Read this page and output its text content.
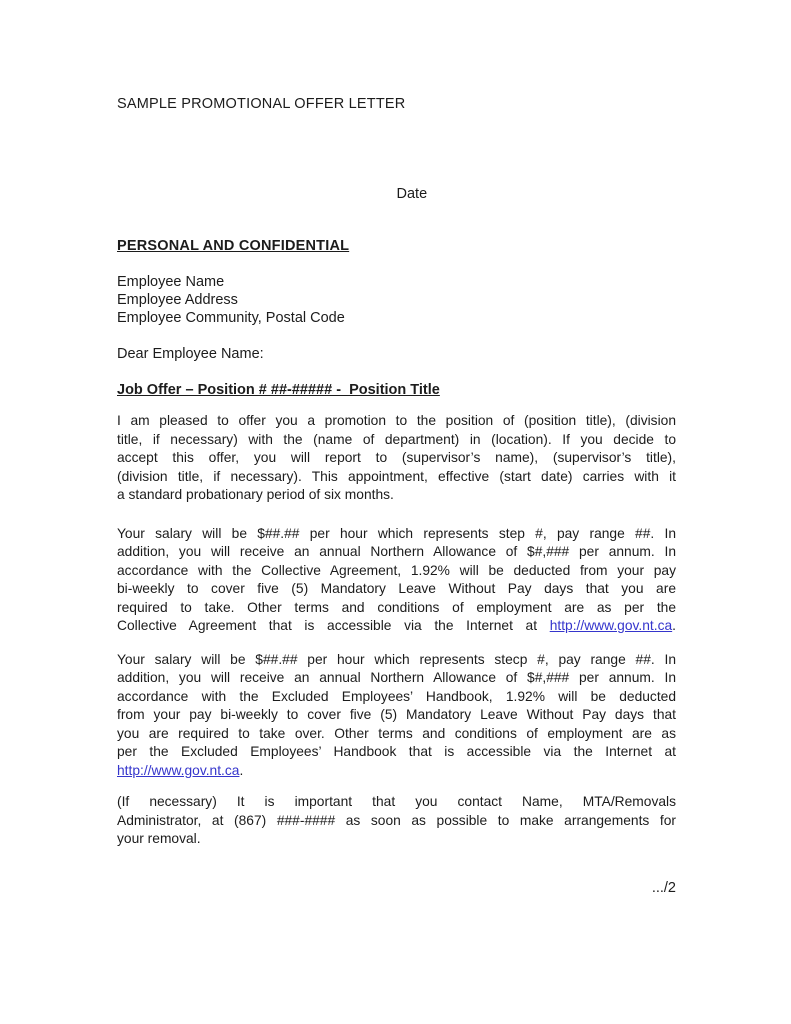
SAMPLE PROMOTIONAL OFFER LETTER
Date
PERSONAL AND CONFIDENTIAL
Employee Name
Employee Address
Employee Community, Postal Code
Dear Employee Name:
Job Offer – Position # ##-##### -  Position Title
I am pleased to offer you a promotion to the position of (position title), (division
title, if necessary) with the (name of department) in (location). If you decide to
accept this offer, you will report to (supervisor’s name), (supervisor’s title),
(division title, if necessary). This appointment, effective (start date) carries with it
a standard probationary period of six months.
Your salary will be $##.## per hour which represents step #, pay range ##. In
addition, you will receive an annual Northern Allowance of $#,### per annum. In
accordance with the Collective Agreement, 1.92% will be deducted from your pay
bi-weekly to cover five (5) Mandatory Leave Without Pay days that you are
required to take. Other terms and conditions of employment are as per the
Collective Agreement that is accessible via the Internet at http://www.gov.nt.ca.
Your salary will be $##.## per hour which represents stecp #, pay range ##. In
addition, you will receive an annual Northern Allowance of $#,### per annum. In
accordance with the Excluded Employees’ Handbook, 1.92% will be deducted
from your pay bi-weekly to cover five (5) Mandatory Leave Without Pay days that
you are required to take over. Other terms and conditions of employment are as
per the Excluded Employees’ Handbook that is accessible via the Internet at
http://www.gov.nt.ca.
(If necessary) It is important that you contact Name, MTA/Removals
Administrator, at (867) ###-#### as soon as possible to make arrangements for
your removal.
.../2
